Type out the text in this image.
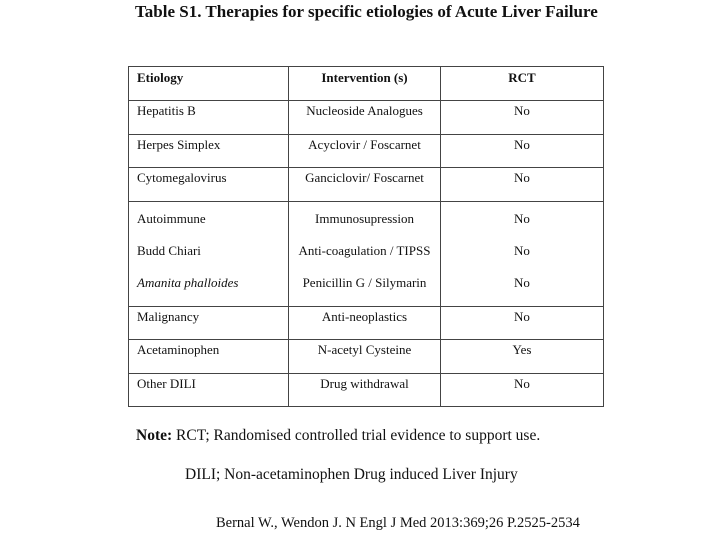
Table S1. Therapies for specific etiologies of Acute Liver Failure
Etiology	Intervention (s)	RCT
Hepatitis B	Nucleoside Analogues	No
Herpes Simplex	Acyclovir / Foscarnet	No
Cytomegalovirus	Ganciclovir/ Foscarnet	No
Autoimmune	Immunosupression	No
Budd Chiari	Anti-coagulation / TIPSS	No
Amanita phalloides	Penicillin G / Silymarin	No
Malignancy	Anti-neoplastics	No
Acetaminophen	N-acetyl Cysteine	Yes
Other DILI	Drug withdrawal	No
Note: RCT; Randomised controlled trial evidence to support use.
DILI; Non-acetaminophen Drug induced Liver Injury
Bernal W., Wendon J. N Engl J Med 2013:369;26 P.2525-2534
